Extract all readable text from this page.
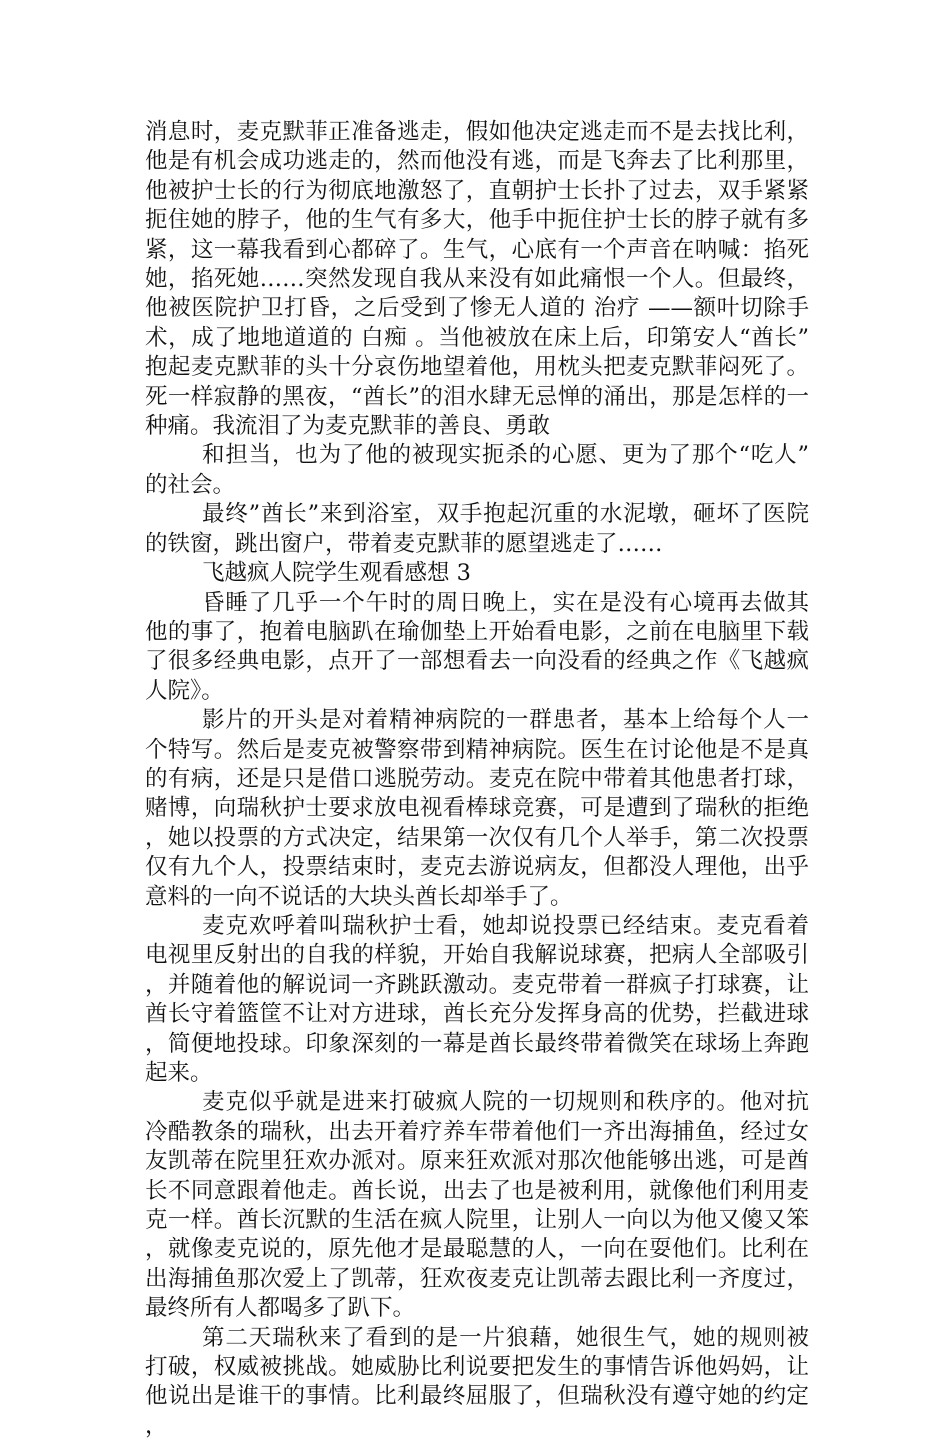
消息时，麦克默菲正准备逃走，假如他决定逃走而不是去找比利，他是有机会成功逃走的，然而他没有逃，而是飞奔去了比利那里，他被护士长的行为彻底地激怒了，直朝护士长扑了过去，双手紧紧扼住她的脖子，他的生气有多大，他手中扼住护士长的脖子就有多紧，这一幕我看到心都碎了。生气，心底有一个声音在呐喊：掐死她，掐死她……突然发现自我从来没有如此痛恨一个人。但最终，他被医院护卫打昏，之后受到了惨无人道的 治疗 ——额叶切除手术，成了地地道道的 白痴 。当他被放在床上后，印第安人“酋长”抱起麦克默菲的头十分哀伤地望着他，用枕头把麦克默菲闷死了。死一样寂静的黑夜，“酋长”的泪水肆无忌惮的涌出，那是怎样的一种痛。我流泪了为麦克默菲的善良、勇敢

和担当，也为了他的被现实扼杀的心愿、更为了那个“吃人”的社会。

最终”酋长”来到浴室，双手抱起沉重的水泥墩，砸坏了医院的铁窗，跳出窗户，带着麦克默菲的愿望逃走了……

飞越疯人院学生观看感想 3

昏睡了几乎一个午时的周日晚上，实在是没有心境再去做其他的事了，抱着电脑趴在瑜伽垫上开始看电影，之前在电脑里下载了很多经典电影，点开了一部想看去一向没看的经典之作《飞越疯人院》。

影片的开头是对着精神病院的一群患者，基本上给每个人一个特写。然后是麦克被警察带到精神病院。医生在讨论他是不是真的有病，还是只是借口逃脱劳动。麦克在院中带着其他患者打球，赌博，向瑞秋护士要求放电视看棒球竞赛，可是遭到了瑞秋的拒绝，她以投票的方式决定，结果第一次仅有几个人举手，第二次投票仅有九个人，投票结束时，麦克去游说病友，但都没人理他，出乎意料的一向不说话的大块头酋长却举手了。

麦克欢呼着叫瑞秋护士看，她却说投票已经结束。麦克看着电视里反射出的自我的样貌，开始自我解说球赛，把病人全部吸引，并随着他的解说词一齐跳跃激动。麦克带着一群疯子打球赛，让酋长守着篮筐不让对方进球，酋长充分发挥身高的优势，拦截进球，简便地投球。印象深刻的一幕是酋长最终带着微笑在球场上奔跑起来。

麦克似乎就是进来打破疯人院的一切规则和秩序的。他对抗冷酷教条的瑞秋，出去开着疗养车带着他们一齐出海捕鱼，经过女友凯蒂在院里狂欢办派对。原来狂欢派对那次他能够出逃，可是酋长不同意跟着他走。酋长说，出去了也是被利用，就像他们利用麦克一样。酋长沉默的生活在疯人院里，让别人一向以为他又傻又笨，就像麦克说的，原先他才是最聪慧的人，一向在耍他们。比利在出海捕鱼那次爱上了凯蒂，狂欢夜麦克让凯蒂去跟比利一齐度过，最终所有人都喝多了趴下。

第二天瑞秋来了看到的是一片狼藉，她很生气，她的规则被打破，权威被挑战。她威胁比利说要把发生的事情告诉他妈妈，让他说出是谁干的事情。比利最终屈服了，但瑞秋没有遵守她的约定，
